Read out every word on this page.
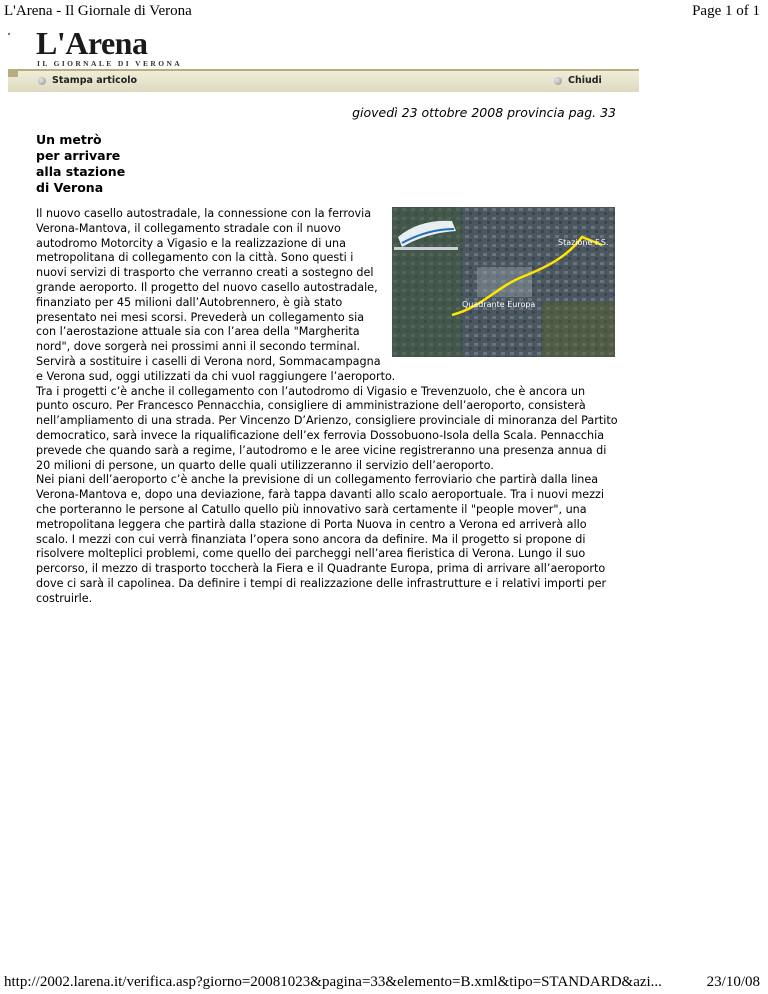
L'Arena - Il Giornale di Verona	Page 1 of 1
L'Arena
IL GIORNALE DI VERONA
Stampa articolo	Chiudi
giovedì 23 ottobre 2008 provincia pag. 33
Un metrò
per arrivare
alla stazione
di Verona
Stazione F.S.
Quadrante Europa

Il nuovo casello autostradale, la connessione con la ferrovia Verona-Mantova, il collegamento stradale con il nuovo autodromo Motorcity a Vigasio e la realizzazione di una metropolitana di collegamento con la città. Sono questi i nuovi servizi di trasporto che verranno creati a sostegno del grande aeroporto. Il progetto del nuovo casello autostradale, finanziato per 45 milioni dall’Autobrennero, è già stato presentato nei mesi scorsi. Prevederà un collegamento sia con l’aerostazione attuale sia con l’area della "Margherita nord", dove sorgerà nei prossimi anni il secondo terminal. Servirà a sostituire i caselli di Verona nord, Sommacampagna e Verona sud, oggi utilizzati da chi vuol raggiungere l’aeroporto.

Tra i progetti c’è anche il collegamento con l’autodromo di Vigasio e Trevenzuolo, che è ancora un punto oscuro. Per Francesco Pennacchia, consigliere di amministrazione dell’aeroporto, consisterà nell’ampliamento di una strada. Per Vincenzo D’Arienzo, consigliere provinciale di minoranza del Partito democratico, sarà invece la riqualificazione dell’ex ferrovia Dossobuono-Isola della Scala. Pennacchia prevede che quando sarà a regime, l’autodromo e le aree vicine registreranno una presenza annua di 20 milioni di persone, un quarto delle quali utilizzeranno il servizio dell’aeroporto.

Nei piani dell’aeroporto c’è anche la previsione di un collegamento ferroviario che partirà dalla linea Verona-Mantova e, dopo una deviazione, farà tappa davanti allo scalo aeroportuale. Tra i nuovi mezzi che porteranno le persone al Catullo quello più innovativo sarà certamente il "people mover", una metropolitana leggera che partirà dalla stazione di Porta Nuova in centro a Verona ed arriverà allo scalo. I mezzi con cui verrà finanziata l’opera sono ancora da definire. Ma il progetto si propone di risolvere molteplici problemi, come quello dei parcheggi nell’area fieristica di Verona. Lungo il suo percorso, il mezzo di trasporto toccherà la Fiera e il Quadrante Europa, prima di arrivare all’aeroporto dove ci sarà il capolinea. Da definire i tempi di realizzazione delle infrastrutture e i relativi importi per costruirle.

http://2002.larena.it/verifica.asp?giorno=20081023&pagina=33&elemento=B.xml&tipo=STANDARD&azi...	23/10/08
